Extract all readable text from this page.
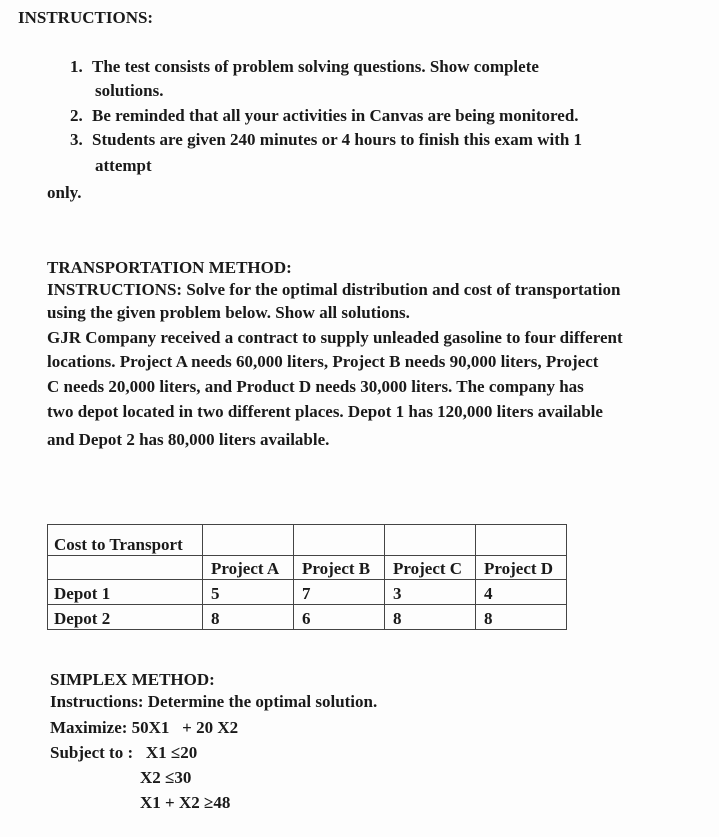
INSTRUCTIONS:
1. The test consists of problem solving questions. Show complete
solutions.
2. Be reminded that all your activities in Canvas are being monitored.
3. Students are given 240 minutes or 4 hours to finish this exam with 1
attempt
only.
TRANSPORTATION METHOD:
INSTRUCTIONS: Solve for the optimal distribution and cost of transportation
using the given problem below. Show all solutions.
GJR Company received a contract to supply unleaded gasoline to four different
locations. Project A needs 60,000 liters, Project B needs 90,000 liters, Project
C needs 20,000 liters, and Product D needs 30,000 liters. The company has
two depot located in two different places. Depot 1 has 120,000 liters available
and Depot 2 has 80,000 liters available.
Cost to Transport				
	Project A	Project B	Project C	Project D
Depot 1	5	7	3	4
Depot 2	8	6	8	8
SIMPLEX METHOD:
Instructions: Determine the optimal solution.
Maximize: 50X1   + 20 X2
Subject to :   X1 ≤20
X2 ≤30
X1 + X2 ≥48
